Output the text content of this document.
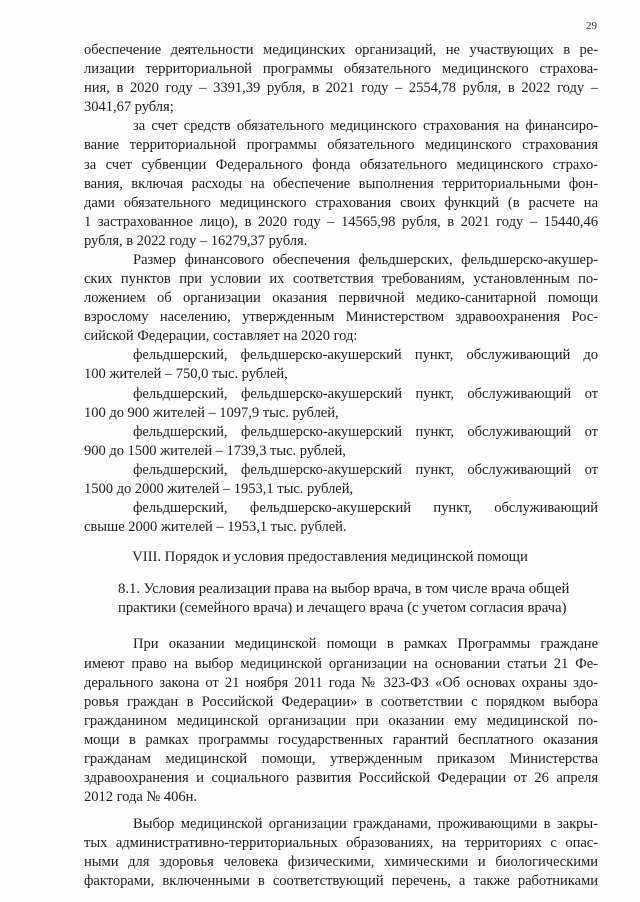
29
обеспечение деятельности медицинских организаций, не участвующих в ре-
лизации территориальной программы обязательного медицинского страхова-
ния, в 2020 году – 3391,39 рубля, в 2021 году – 2554,78 рубля, в 2022 году –
3041,67 рубля;
за счет средств обязательного медицинского страхования на финансиро-
вание территориальной программы обязательного медицинского страхования
за счет субвенции Федерального фонда обязательного медицинского страхо-
вания, включая расходы на обеспечение выполнения территориальными фон-
дами обязательного медицинского страхования своих функций (в расчете на
1 застрахованное лицо), в 2020 году – 14565,98 рубля, в 2021 году – 15440,46
рубля, в 2022 году – 16279,37 рубля.
Размер финансового обеспечения фельдшерских, фельдшерско-акушер-
ских пунктов при условии их соответствия требованиям, установленным по-
ложением об организации оказания первичной медико-санитарной помощи
взрослому населению, утвержденным Министерством здравоохранения Рос-
сийской Федерации, составляет на 2020 год:
фельдшерский, фельдшерско-акушерский пункт, обслуживающий до
100 жителей – 750,0 тыс. рублей,
фельдшерский, фельдшерско-акушерский пункт, обслуживающий от
100 до 900 жителей – 1097,9 тыс. рублей,
фельдшерский, фельдшерско-акушерский пункт, обслуживающий от
900 до 1500 жителей – 1739,3 тыс. рублей,
фельдшерский, фельдшерско-акушерский пункт, обслуживающий от
1500 до 2000 жителей – 1953,1 тыс. рублей,
фельдшерский, фельдшерско-акушерский пункт, обслуживающий
свыше 2000 жителей – 1953,1 тыс. рублей.
VIII. Порядок и условия предоставления медицинской помощи
8.1. Условия реализации права на выбор врача, в том числе врача общей
практики (семейного врача) и лечащего врача (с учетом согласия врача)
При оказании медицинской помощи в рамках Программы граждане
имеют право на выбор медицинской организации на основании статьи 21 Фе-
дерального закона от 21 ноября 2011 года № 323-ФЗ «Об основах охраны здо-
ровья граждан в Российской Федерации» в соответствии с порядком выбора
гражданином медицинской организации при оказании ему медицинской по-
мощи в рамках программы государственных гарантий бесплатного оказания
гражданам медицинской помощи, утвержденным приказом Министерства
здравоохранения и социального развития Российской Федерации от 26 апреля
2012 года № 406н.
Выбор медицинской организации гражданами, проживающими в закры-
тых административно-территориальных образованиях, на территориях с опас-
ными для здоровья человека физическими, химическими и биологическими
факторами, включенными в соответствующий перечень, а также работниками
